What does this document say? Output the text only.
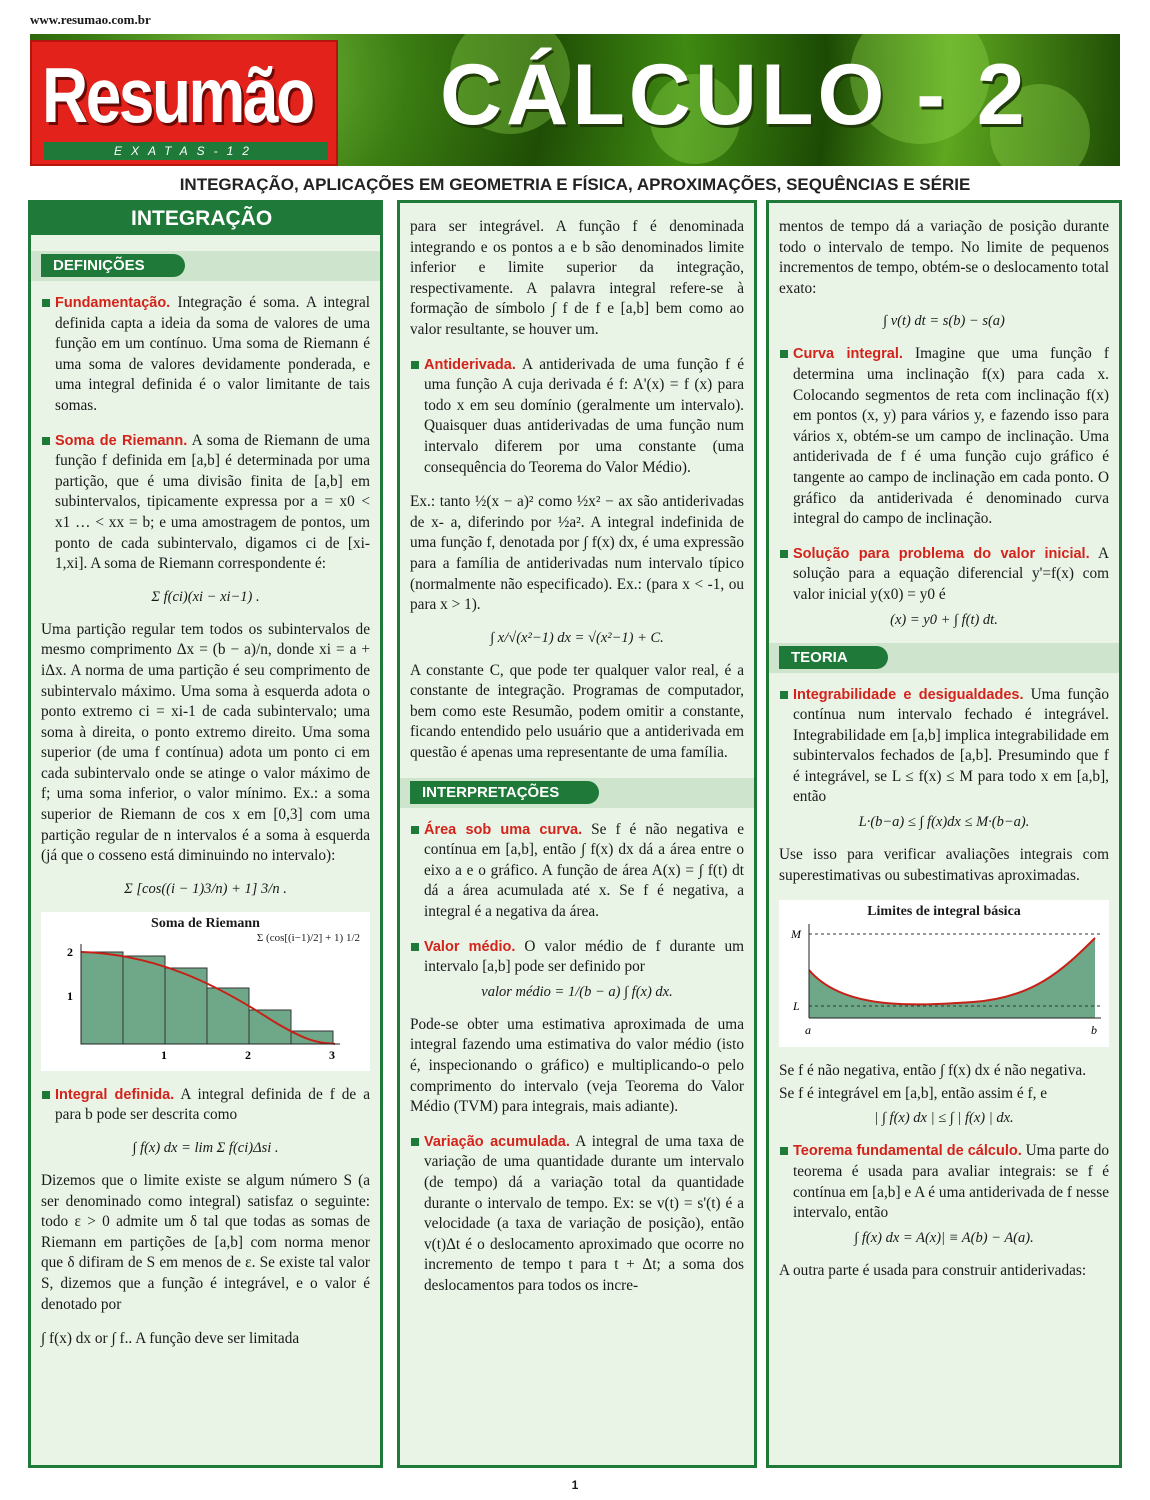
www.resumao.com.br
Resumão
EXATAS-12
CÁLCULO - 2
INTEGRAÇÃO, APLICAÇÕES EM GEOMETRIA E FÍSICA, APROXIMAÇÕES, SEQUÊNCIAS E SÉRIE
INTEGRAÇÃO
DEFINIÇÕES

Fundamentação. Integração é soma. A integral definida capta a ideia da soma de valores de uma função em um contínuo. Uma soma de Riemann é uma soma de valores devidamente ponderada, e uma integral definida é o valor limitante de tais somas.

Soma de Riemann. A soma de Riemann de uma função f definida em [a,b] é determinada por uma partição, que é uma divisão finita de [a,b] em subintervalos, tipicamente expressa por a = x0 < x1 … < xx = b; e uma amostragem de pontos, um ponto de cada subintervalo, digamos ci de [xi-1,xi]. A soma de Riemann correspondente é:

Σ f(ci)(xi − xi−1) .

Uma partição regular tem todos os subintervalos de mesmo comprimento Δx = (b − a)/n, donde xi = a + iΔx. A norma de uma partição é seu comprimento de subintervalo máximo. Uma soma à esquerda adota o ponto extremo ci = xi-1 de cada subintervalo; uma soma à direita, o ponto extremo direito. Uma soma superior (de uma f contínua) adota um ponto ci em cada subintervalo onde se atinge o valor máximo de f; uma soma inferior, o valor mínimo. Ex.: a soma superior de Riemann de cos x em [0,3] com uma partição regular de n intervalos é a soma à esquerda (já que o cosseno está diminuindo no intervalo):

Σ [cos((i − 1)3/n) + 1] 3/n .
Soma de Riemann
Σ (cos[(i−1)/2] + 1) 1/2
2
1
1	2	3

Integral definida. A integral definida de f de a para b pode ser descrita como

∫ f(x) dx = lim Σ f(ci)Δsi .

Dizemos que o limite existe se algum número S (a ser denominado como integral) satisfaz o seguinte: todo ε > 0 admite um δ tal que todas as somas de Riemann em partições de [a,b] com norma menor que δ difiram de S em menos de ε. Se existe tal valor S, dizemos que a função é integrável, e o valor é denotado por

∫ f(x) dx or ∫ f.. A função deve ser limitada

para ser integrável. A função f é denominada integrando e os pontos a e b são denominados limite inferior e limite superior da integração, respectivamente. A palavra integral refere-se à formação de símbolo ∫ f de f e [a,b] bem como ao valor resultante, se houver um.

Antiderivada. A antiderivada de uma função f é uma função A cuja derivada é f: A'(x) = f (x) para todo x em seu domínio (geralmente um intervalo). Quaisquer duas antiderivadas de uma função num intervalo diferem por uma constante (uma consequência do Teorema do Valor Médio).

Ex.: tanto ½(x − a)² como ½x² − ax são antiderivadas de x- a, diferindo por ½a². A integral indefinida de uma função f, denotada por ∫ f(x) dx, é uma expressão para a família de antiderivadas num intervalo típico (normalmente não especificado). Ex.: (para x < -1, ou para x > 1).

∫ x/√(x²−1) dx = √(x²−1) + C.

A constante C, que pode ter qualquer valor real, é a constante de integração. Programas de computador, bem como este Resumão, podem omitir a constante, ficando entendido pelo usuário que a antiderivada em questão é apenas uma representante de uma família.

INTERPRETAÇÕES

Área sob uma curva. Se f é não negativa e contínua em [a,b], então ∫ f(x) dx dá a área entre o eixo a e o gráfico. A função de área A(x) = ∫ f(t) dt dá a área acumulada até x. Se f é negativa, a integral é a negativa da área.

Valor médio. O valor médio de f durante um intervalo [a,b] pode ser definido por

valor médio = 1/(b − a) ∫ f(x) dx.

Pode-se obter uma estimativa aproximada de uma integral fazendo uma estimativa do valor médio (isto é, inspecionando o gráfico) e multiplicando-o pelo comprimento do intervalo (veja Teorema do Valor Médio (TVM) para integrais, mais adiante).

Variação acumulada. A integral de uma taxa de variação de uma quantidade durante um intervalo (de tempo) dá a variação total da quantidade durante o intervalo de tempo. Ex: se v(t) = s'(t) é a velocidade (a taxa de variação de posição), então v(t)Δt é o deslocamento aproximado que ocorre no incremento de tempo t para t + Δt; a soma dos deslocamentos para todos os incre-

mentos de tempo dá a variação de posição durante todo o intervalo de tempo. No limite de pequenos incrementos de tempo, obtém-se o deslocamento total exato:

∫ v(t) dt = s(b) − s(a)

Curva integral. Imagine que uma função f determina uma inclinação f(x) para cada x. Colocando segmentos de reta com inclinação f(x) em pontos (x, y) para vários y, e fazendo isso para vários x, obtém-se um campo de inclinação. Uma antiderivada de f é uma função cujo gráfico é tangente ao campo de inclinação em cada ponto. O gráfico da antiderivada é denominado curva integral do campo de inclinação.

Solução para problema do valor inicial. A solução para a equação diferencial y'=f(x) com valor inicial y(x0) = y0 é

(x) = y0 + ∫ f(t) dt.
TEORIA

Integrabilidade e desigualdades. Uma função contínua num intervalo fechado é integrável. Integrabilidade em [a,b] implica integrabilidade em subintervalos fechados de [a,b]. Presumindo que f é integrável, se L ≤ f(x) ≤ M para todo x em [a,b], então

L·(b−a) ≤ ∫ f(x)dx ≤ M·(b−a).

Use isso para verificar avaliações integrais com superestimativas ou subestimativas aproximadas.

Limites de integral básica
M
L
a	b

Se f é não negativa, então ∫ f(x) dx é não negativa.

Se f é integrável em [a,b], então assim é f, e

| ∫ f(x) dx | ≤ ∫ | f(x) | dx.

Teorema fundamental de cálculo. Uma parte do teorema é usada para avaliar integrais: se f é contínua em [a,b] e A é uma antiderivada de f nesse intervalo, então

∫ f(x) dx = A(x)| ≡ A(b) − A(a).

A outra parte é usada para construir antiderivadas:

1
